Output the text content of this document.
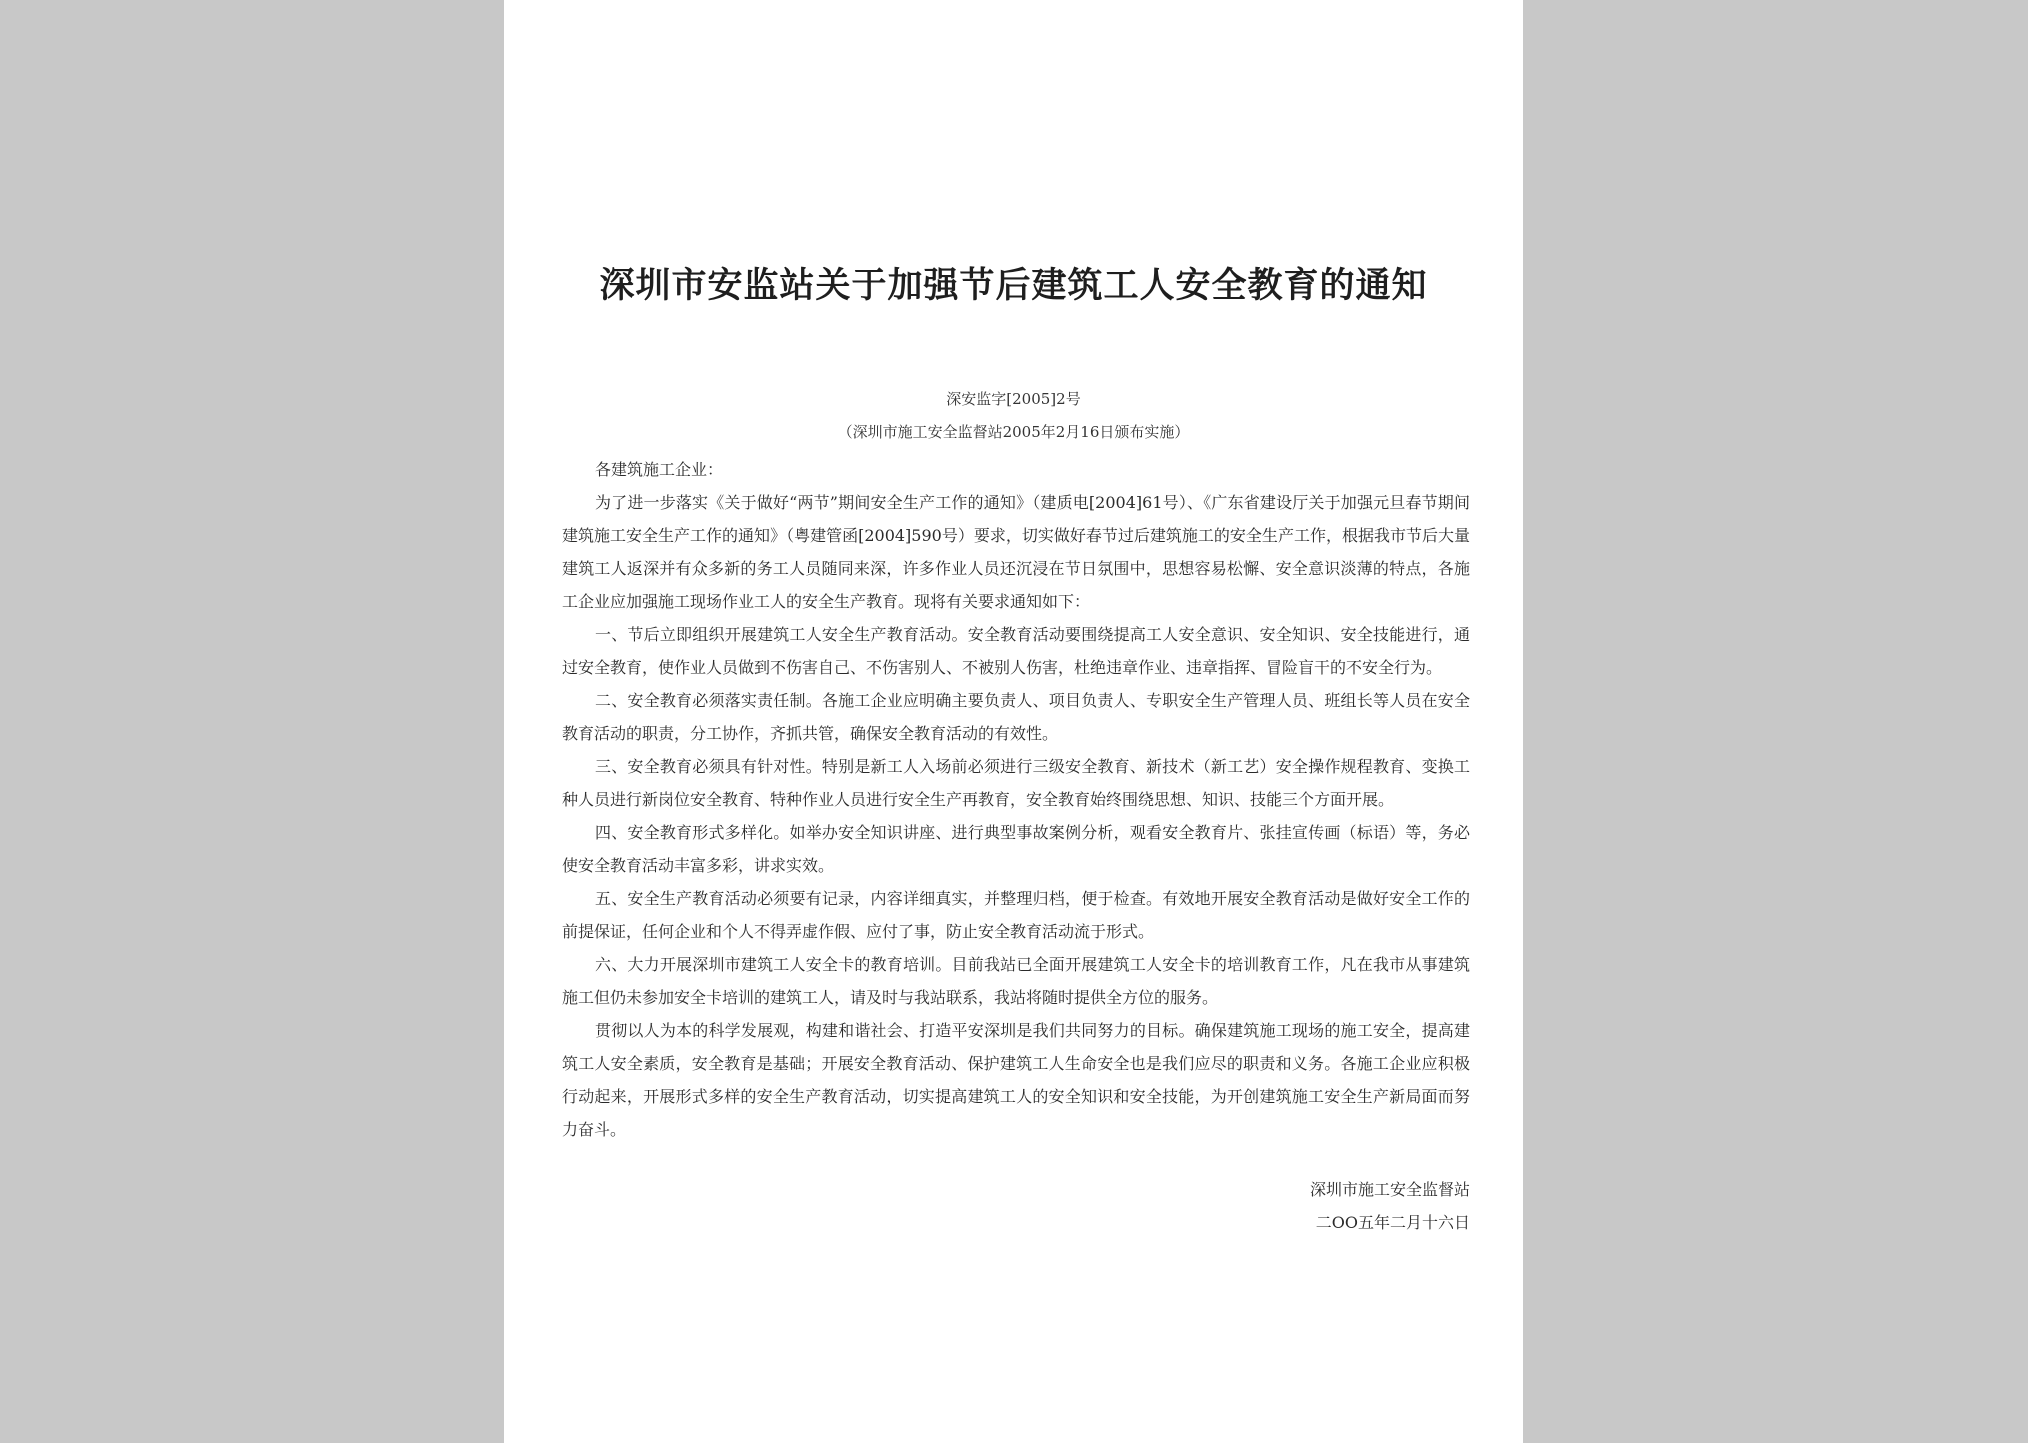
深圳市安监站关于加强节后建筑工人安全教育的通知
深安监字[2005]2号
（深圳市施工安全监督站2005年2月16日颁布实施）

各建筑施工企业：

为了进一步落实《关于做好“两节”期间安全生产工作的通知》（建质电[2004]61号）、《广东省建设厅关于加强元旦春节期间建筑施工安全生产工作的通知》（粤建管函[2004]590号）要求，切实做好春节过后建筑施工的安全生产工作，根据我市节后大量建筑工人返深并有众多新的务工人员随同来深，许多作业人员还沉浸在节日氛围中，思想容易松懈、安全意识淡薄的特点，各施工企业应加强施工现场作业工人的安全生产教育。现将有关要求通知如下：

一、节后立即组织开展建筑工人安全生产教育活动。安全教育活动要围绕提高工人安全意识、安全知识、安全技能进行，通过安全教育，使作业人员做到不伤害自己、不伤害别人、不被别人伤害，杜绝违章作业、违章指挥、冒险盲干的不安全行为。

二、安全教育必须落实责任制。各施工企业应明确主要负责人、项目负责人、专职安全生产管理人员、班组长等人员在安全教育活动的职责，分工协作，齐抓共管，确保安全教育活动的有效性。

三、安全教育必须具有针对性。特别是新工人入场前必须进行三级安全教育、新技术（新工艺）安全操作规程教育、变换工种人员进行新岗位安全教育、特种作业人员进行安全生产再教育，安全教育始终围绕思想、知识、技能三个方面开展。

四、安全教育形式多样化。如举办安全知识讲座、进行典型事故案例分析，观看安全教育片、张挂宣传画（标语）等，务必使安全教育活动丰富多彩，讲求实效。

五、安全生产教育活动必须要有记录，内容详细真实，并整理归档，便于检查。有效地开展安全教育活动是做好安全工作的前提保证，任何企业和个人不得弄虚作假、应付了事，防止安全教育活动流于形式。

六、大力开展深圳市建筑工人安全卡的教育培训。目前我站已全面开展建筑工人安全卡的培训教育工作，凡在我市从事建筑施工但仍未参加安全卡培训的建筑工人，请及时与我站联系，我站将随时提供全方位的服务。

贯彻以人为本的科学发展观，构建和谐社会、打造平安深圳是我们共同努力的目标。确保建筑施工现场的施工安全，提高建筑工人安全素质，安全教育是基础；开展安全教育活动、保护建筑工人生命安全也是我们应尽的职责和义务。各施工企业应积极行动起来，开展形式多样的安全生产教育活动，切实提高建筑工人的安全知识和安全技能，为开创建筑施工安全生产新局面而努力奋斗。

深圳市施工安全监督站
二OO五年二月十六日
